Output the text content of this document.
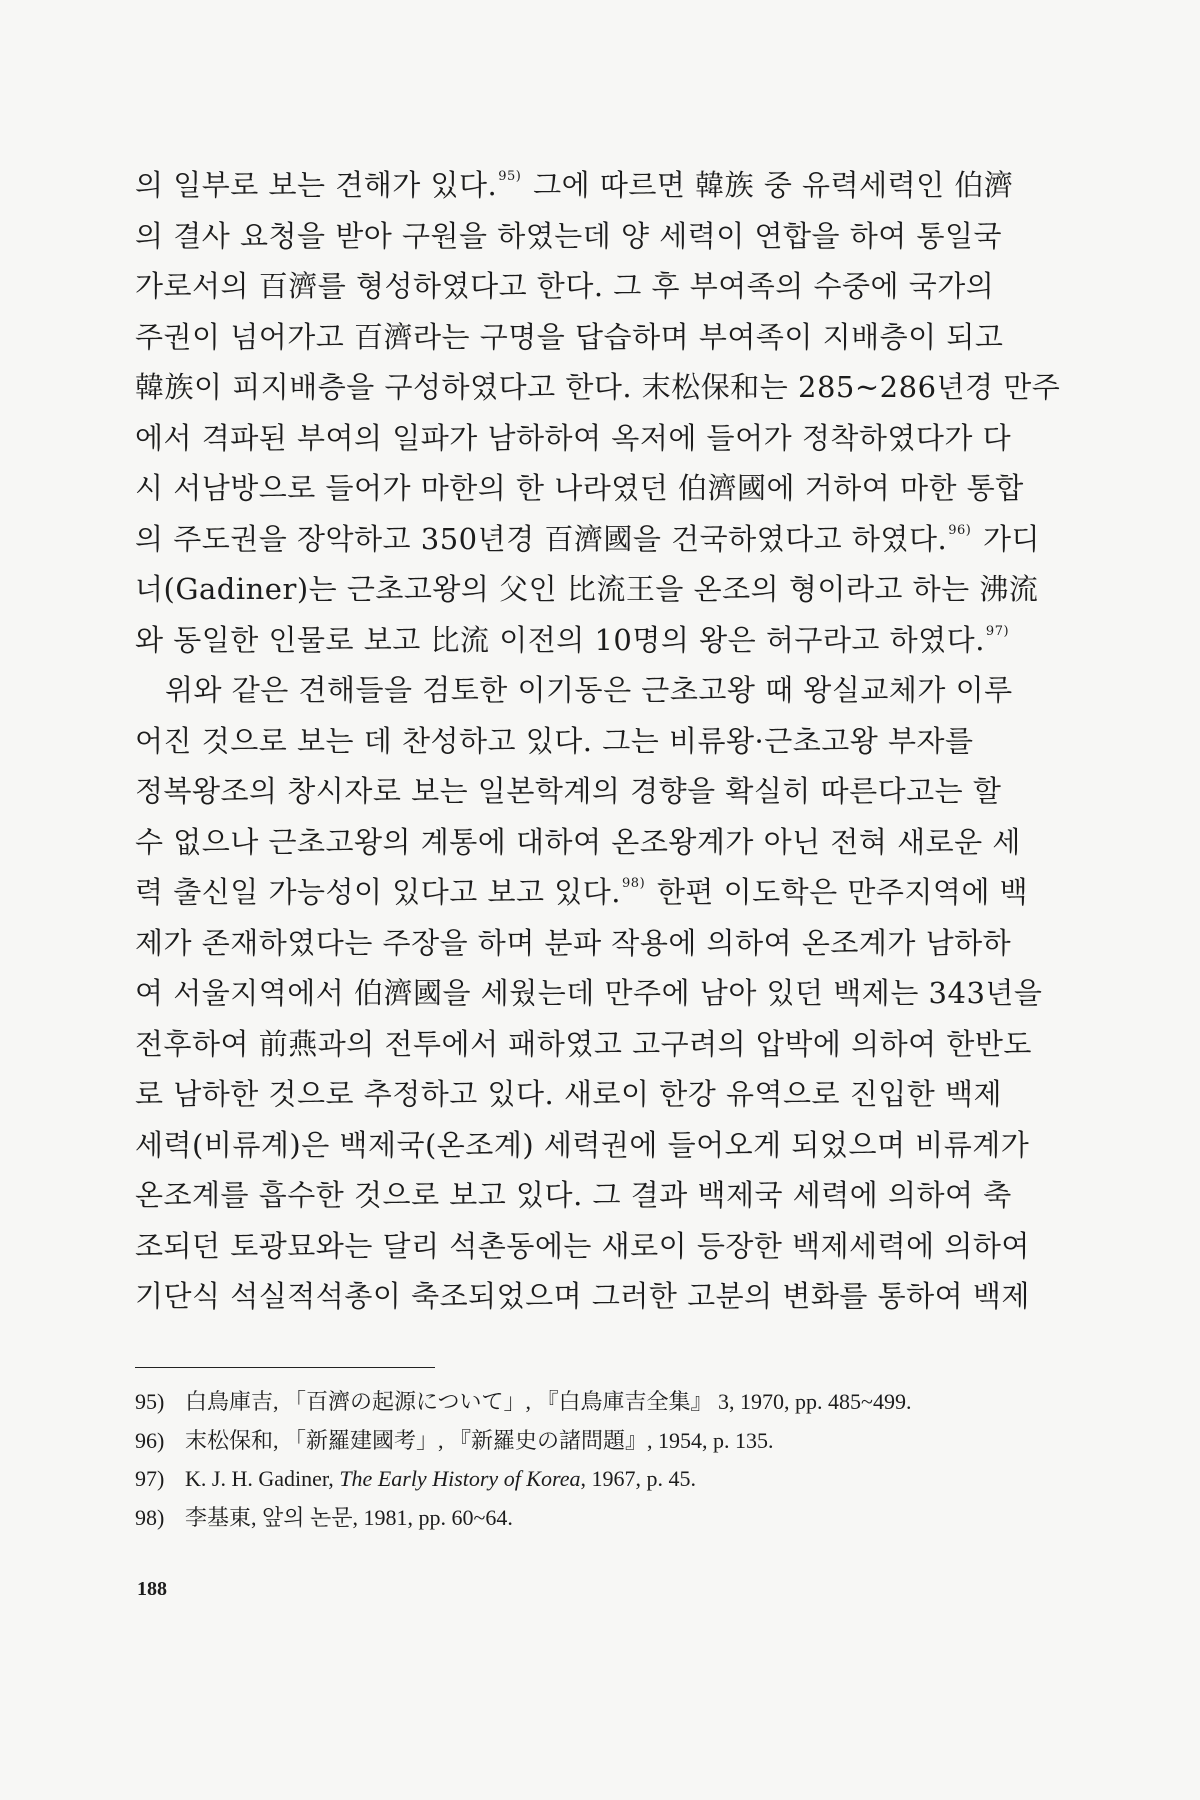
의 일부로 보는 견해가 있다.$^{95)}$ 그에 따르면 韓族 중 유력세력인 伯濟
의 결사 요청을 받아 구원을 하였는데 양 세력이 연합을 하여 통일국
가로서의 百濟를 형성하였다고 한다. 그 후 부여족의 수중에 국가의
주권이 넘어가고 百濟라는 구명을 답습하며 부여족이 지배층이 되고
韓族이 피지배층을 구성하였다고 한다. 末松保和는 285~286년경 만주
에서 격파된 부여의 일파가 남하하여 옥저에 들어가 정착하였다가 다
시 서남방으로 들어가 마한의 한 나라였던 伯濟國에 거하여 마한 통합
의 주도권을 장악하고 350년경 百濟國을 건국하였다고 하였다.$^{96)}$ 가디
너(Gadiner)는 근초고왕의 父인 比流王을 온조의 형이라고 하는 沸流
와 동일한 인물로 보고 比流 이전의 10명의 왕은 허구라고 하였다.$^{97)}$
위와 같은 견해들을 검토한 이기동은 근초고왕 때 왕실교체가 이루
어진 것으로 보는 데 찬성하고 있다. 그는 비류왕·근초고왕 부자를
정복왕조의 창시자로 보는 일본학계의 경향을 확실히 따른다고는 할
수 없으나 근초고왕의 계통에 대하여 온조왕계가 아닌 전혀 새로운 세
력 출신일 가능성이 있다고 보고 있다.$^{98)}$ 한편 이도학은 만주지역에 백
제가 존재하였다는 주장을 하며 분파 작용에 의하여 온조계가 남하하
여 서울지역에서 伯濟國을 세웠는데 만주에 남아 있던 백제는 343년을
전후하여 前燕과의 전투에서 패하였고 고구려의 압박에 의하여 한반도
로 남하한 것으로 추정하고 있다. 새로이 한강 유역으로 진입한 백제
세력(비류계)은 백제국(온조계) 세력권에 들어오게 되었으며 비류계가
온조계를 흡수한 것으로 보고 있다. 그 결과 백제국 세력에 의하여 축
조되던 토광묘와는 달리 석촌동에는 새로이 등장한 백제세력에 의하여
기단식 석실적석총이 축조되었으며 그러한 고분의 변화를 통하여 백제
95) 白鳥庫吉, 「百濟の起源について」, 『白鳥庫吉全集』 3, 1970, pp. 485~499.
96) 末松保和, 「新羅建國考」, 『新羅史の諸問題』, 1954, p. 135.
97) K. J. H. Gadiner, The Early History of Korea, 1967, p. 45.
98) 李基東, 앞의 논문, 1981, pp. 60~64.
188
